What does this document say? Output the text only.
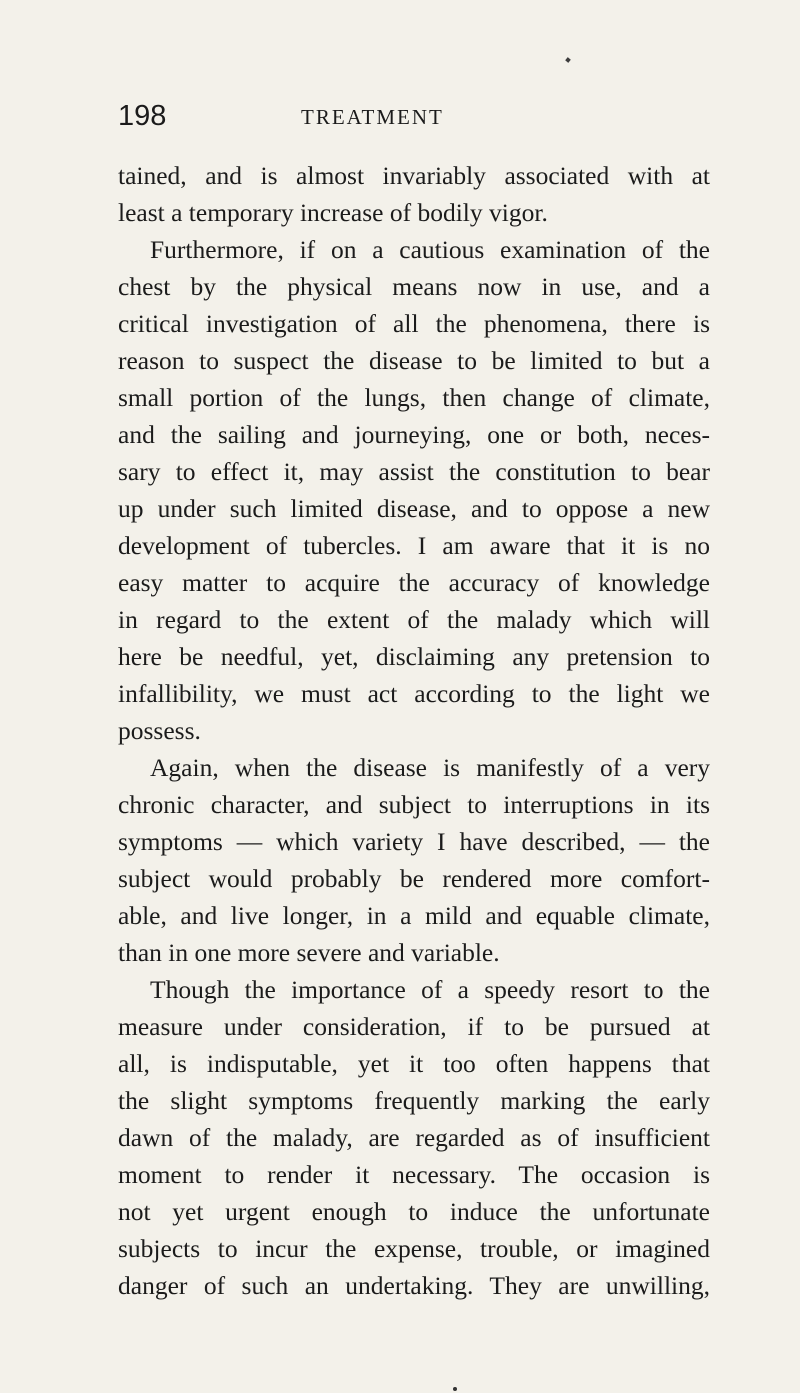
198	TREATMENT
tained, and is almost invariably associated with at
least a temporary increase of bodily vigor.
Furthermore, if on a cautious examination of the
chest by the physical means now in use, and a
critical investigation of all the phenomena, there is
reason to suspect the disease to be limited to but a
small portion of the lungs, then change of climate,
and the sailing and journeying, one or both, neces-
sary to effect it, may assist the constitution to bear
up under such limited disease, and to oppose a new
development of tubercles. I am aware that it is no
easy matter to acquire the accuracy of knowledge
in regard to the extent of the malady which will
here be needful, yet, disclaiming any pretension to
infallibility, we must act according to the light we
possess.
Again, when the disease is manifestly of a very
chronic character, and subject to interruptions in its
symptoms — which variety I have described, — the
subject would probably be rendered more comfort-
able, and live longer, in a mild and equable climate,
than in one more severe and variable.
Though the importance of a speedy resort to the
measure under consideration, if to be pursued at
all, is indisputable, yet it too often happens that
the slight symptoms frequently marking the early
dawn of the malady, are regarded as of insufficient
moment to render it necessary. The occasion is
not yet urgent enough to induce the unfortunate
subjects to incur the expense, trouble, or imagined
danger of such an undertaking. They are unwilling,
